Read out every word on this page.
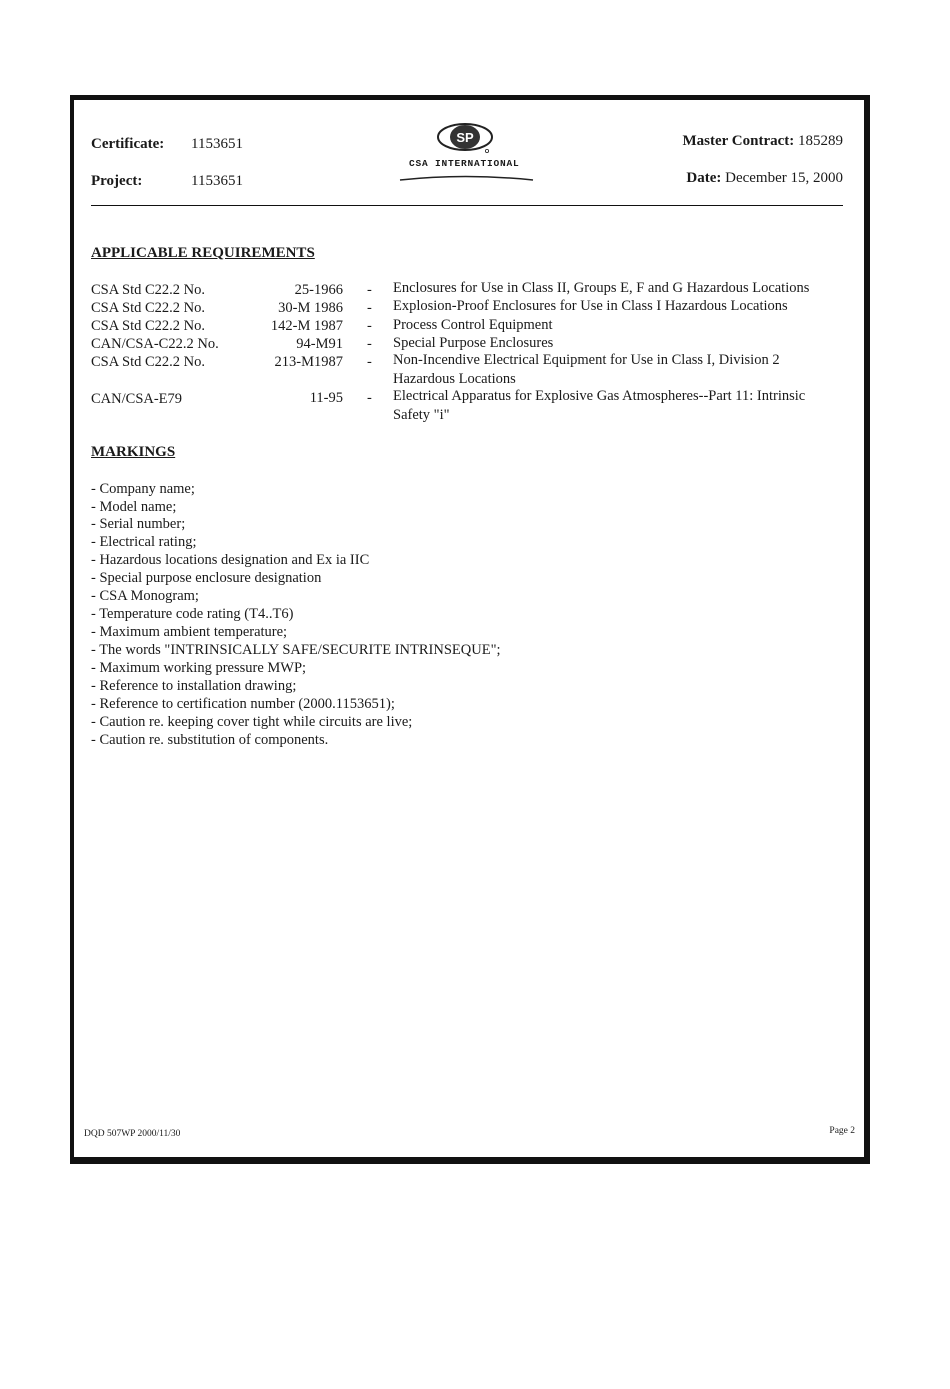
Certificate: 1153651
Project:	1153651
SP
CSA INTERNATIONAL
Master Contract: 185289
Date: December 15, 2000
APPLICABLE REQUIREMENTS
CSA Std C22.2 No.	25-1966 - Enclosures for Use in Class II, Groups E, F and G Hazardous Locations
CSA Std C22.2 No.	30-M 1986 - Explosion-Proof Enclosures for Use in Class I Hazardous Locations
CSA Std C22.2 No.	142-M 1987 - Process Control Equipment
CAN/CSA-C22.2 No.	94-M91 - Special Purpose Enclosures
CSA Std C22.2 No.	213-M1987 - Non-Incendive Electrical Equipment for Use in Class I, Division 2
Hazardous Locations
CAN/CSA-E79	11-95 - Electrical Apparatus for Explosive Gas Atmospheres--Part 11: Intrinsic
Safety "i"
MARKINGS
- Company name;
- Model name;
- Serial number;
- Electrical rating;
- Hazardous locations designation and Ex ia IIC
- Special purpose enclosure designation
- CSA Monogram;
- Temperature code rating (T4..T6)
- Maximum ambient temperature;
- The words "INTRINSICALLY SAFE/SECURITE INTRINSEQUE";
- Maximum working pressure MWP;
- Reference to installation drawing;
- Reference to certification number (2000.1153651);
- Caution re. keeping cover tight while circuits are live;
- Caution re. substitution of components.
DQD 507WP 2000/11/30	Page 2
